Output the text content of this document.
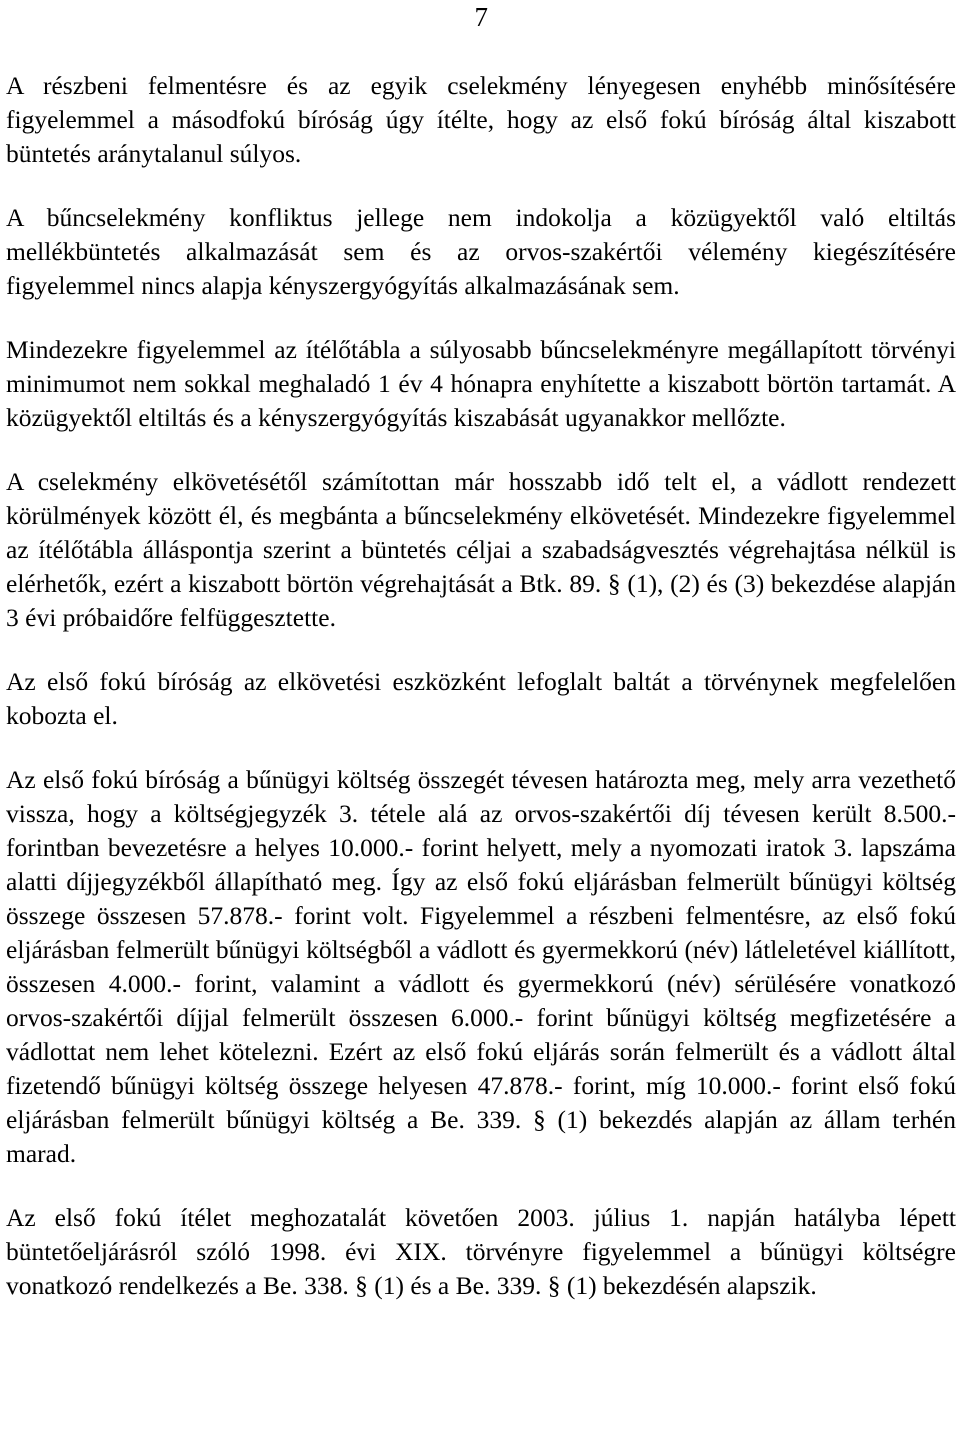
7

A részbeni felmentésre és az egyik cselekmény lényegesen enyhébb minősítésére figyelemmel a másodfokú bíróság úgy ítélte, hogy az első fokú bíróság által kiszabott büntetés aránytalanul súlyos.

A bűncselekmény konfliktus jellege nem indokolja a közügyektől való eltiltás mellékbüntetés alkalmazását sem és az orvos-szakértői vélemény kiegészítésére figyelemmel nincs alapja kényszergyógyítás alkalmazásának sem.

Mindezekre figyelemmel az ítélőtábla a súlyosabb bűncselekményre megállapított törvényi minimumot nem sokkal meghaladó 1 év 4 hónapra enyhítette a kiszabott börtön tartamát. A közügyektől eltiltás és a kényszergyógyítás kiszabását ugyanakkor mellőzte.

A cselekmény elkövetésétől számítottan már hosszabb idő telt el, a vádlott rendezett körülmények között él, és megbánta a bűncselekmény elkövetését. Mindezekre figyelemmel az ítélőtábla álláspontja szerint a büntetés céljai a szabadságvesztés végrehajtása nélkül is elérhetők, ezért a kiszabott börtön végrehajtását a Btk. 89. § (1), (2) és (3) bekezdése alapján 3 évi próbaidőre felfüggesztette.

Az első fokú bíróság az elkövetési eszközként lefoglalt baltát a törvénynek megfelelően kobozta el.

Az első fokú bíróság a bűnügyi költség összegét tévesen határozta meg, mely arra vezethető vissza, hogy a költségjegyzék 3. tétele alá az orvos-szakértői díj tévesen került 8.500.- forintban bevezetésre a helyes 10.000.- forint helyett, mely a nyomozati iratok 3. lapszáma alatti díjjegyzékből állapítható meg. Így az első fokú eljárásban felmerült bűnügyi költség összege összesen 57.878.- forint volt. Figyelemmel a részbeni felmentésre, az első fokú eljárásban felmerült bűnügyi költségből a vádlott és gyermekkorú (név) látleletével kiállított, összesen 4.000.- forint, valamint a vádlott és gyermekkorú (név) sérülésére vonatkozó orvos-szakértői díjjal felmerült összesen 6.000.- forint bűnügyi költség megfizetésére a vádlottat nem lehet kötelezni. Ezért az első fokú eljárás során felmerült és a vádlott által fizetendő bűnügyi költség összege helyesen 47.878.- forint, míg 10.000.- forint első fokú eljárásban felmerült bűnügyi költség a Be. 339. § (1) bekezdés alapján az állam terhén marad.

Az első fokú ítélet meghozatalát követően 2003. július 1. napján hatályba lépett büntetőeljárásról szóló 1998. évi XIX. törvényre figyelemmel a bűnügyi költségre vonatkozó rendelkezés a Be. 338. § (1) és a Be. 339. § (1) bekezdésén alapszik.
